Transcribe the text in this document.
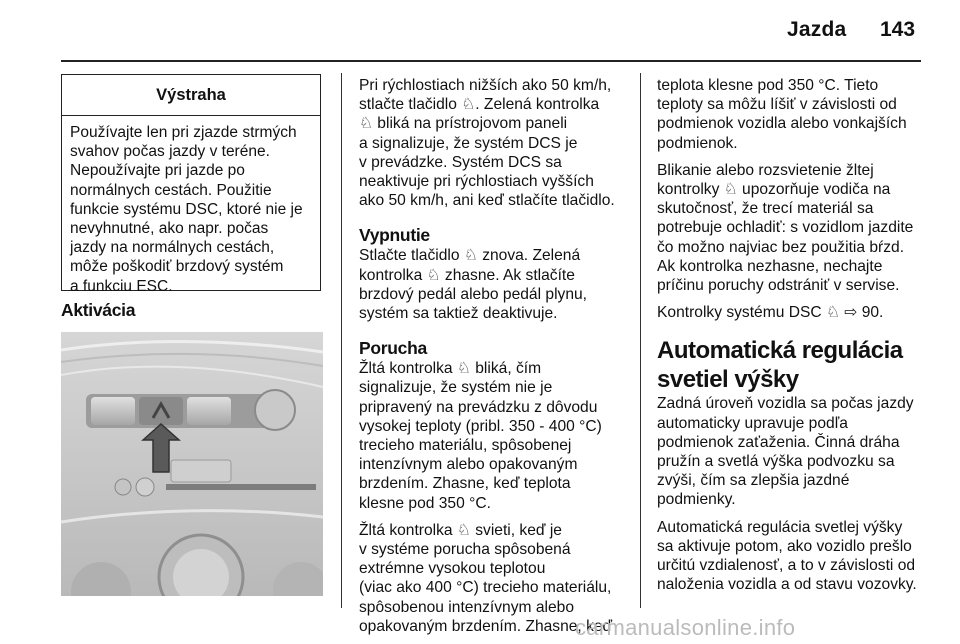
Jazda 143
Výstraha
Používajte len pri zjazde strmých
svahov počas jazdy v teréne.
Nepoužívajte pri jazde po
normálnych cestách. Použitie
funkcie systému DSC, ktoré nie je
nevyhnutné, ako napr. počas
jazdy na normálnych cestách,
môže poškodiť brzdový systém
a funkciu ESC.
Aktivácia
Pri rýchlostiach nižších ako 50 km/h,
stlačte tlačidlo ♘. Zelená kontrolka
♘ bliká na prístrojovom paneli
a signalizuje, že systém DCS je
v prevádzke. Systém DCS sa
neaktivuje pri rýchlostiach vyšších
ako 50 km/h, ani keď stlačíte tlačidlo.
Vypnutie
Stlačte tlačidlo ♘ znova. Zelená
kontrolka ♘ zhasne. Ak stlačíte
brzdový pedál alebo pedál plynu,
systém sa taktiež deaktivuje.
Porucha
Žltá kontrolka ♘ bliká, čím
signalizuje, že systém nie je
pripravený na prevádzku z dôvodu
vysokej teploty (pribl. 350 - 400 °C)
trecieho materiálu, spôsobenej
intenzívnym alebo opakovaným
brzdením. Zhasne, keď teplota
klesne pod 350 °C.
Žltá kontrolka ♘ svieti, keď je
v systéme porucha spôsobená
extrémne vysokou teplotou
(viac ako 400 °C) trecieho materiálu,
spôsobenou intenzívnym alebo
opakovaným brzdením. Zhasne, keď
teplota klesne pod 350 °C. Tieto
teploty sa môžu líšiť v závislosti od
podmienok vozidla alebo vonkajších
podmienok.
Blikanie alebo rozsvietenie žltej
kontrolky ♘ upozorňuje vodiča na
skutočnosť, že trecí materiál sa
potrebuje ochladiť: s vozidlom jazdite
čo možno najviac bez použitia bŕzd.
Ak kontrolka nezhasne, nechajte
príčinu poruchy odstrániť v servise.
Kontrolky systému DSC ♘ ⇨ 90.
Automatická regulácia
svetiel výšky
Zadná úroveň vozidla sa počas jazdy
automaticky upravuje podľa
podmienok zaťaženia. Činná dráha
pružín a svetlá výška podvozku sa
zvýši, čím sa zlepšia jazdné
podmienky.
Automatická regulácia svetlej výšky
sa aktivuje potom, ako vozidlo prešlo
určitú vzdialenosť, a to v závislosti od
naloženia vozidla a od stavu vozovky.
carmanualsonline.info
